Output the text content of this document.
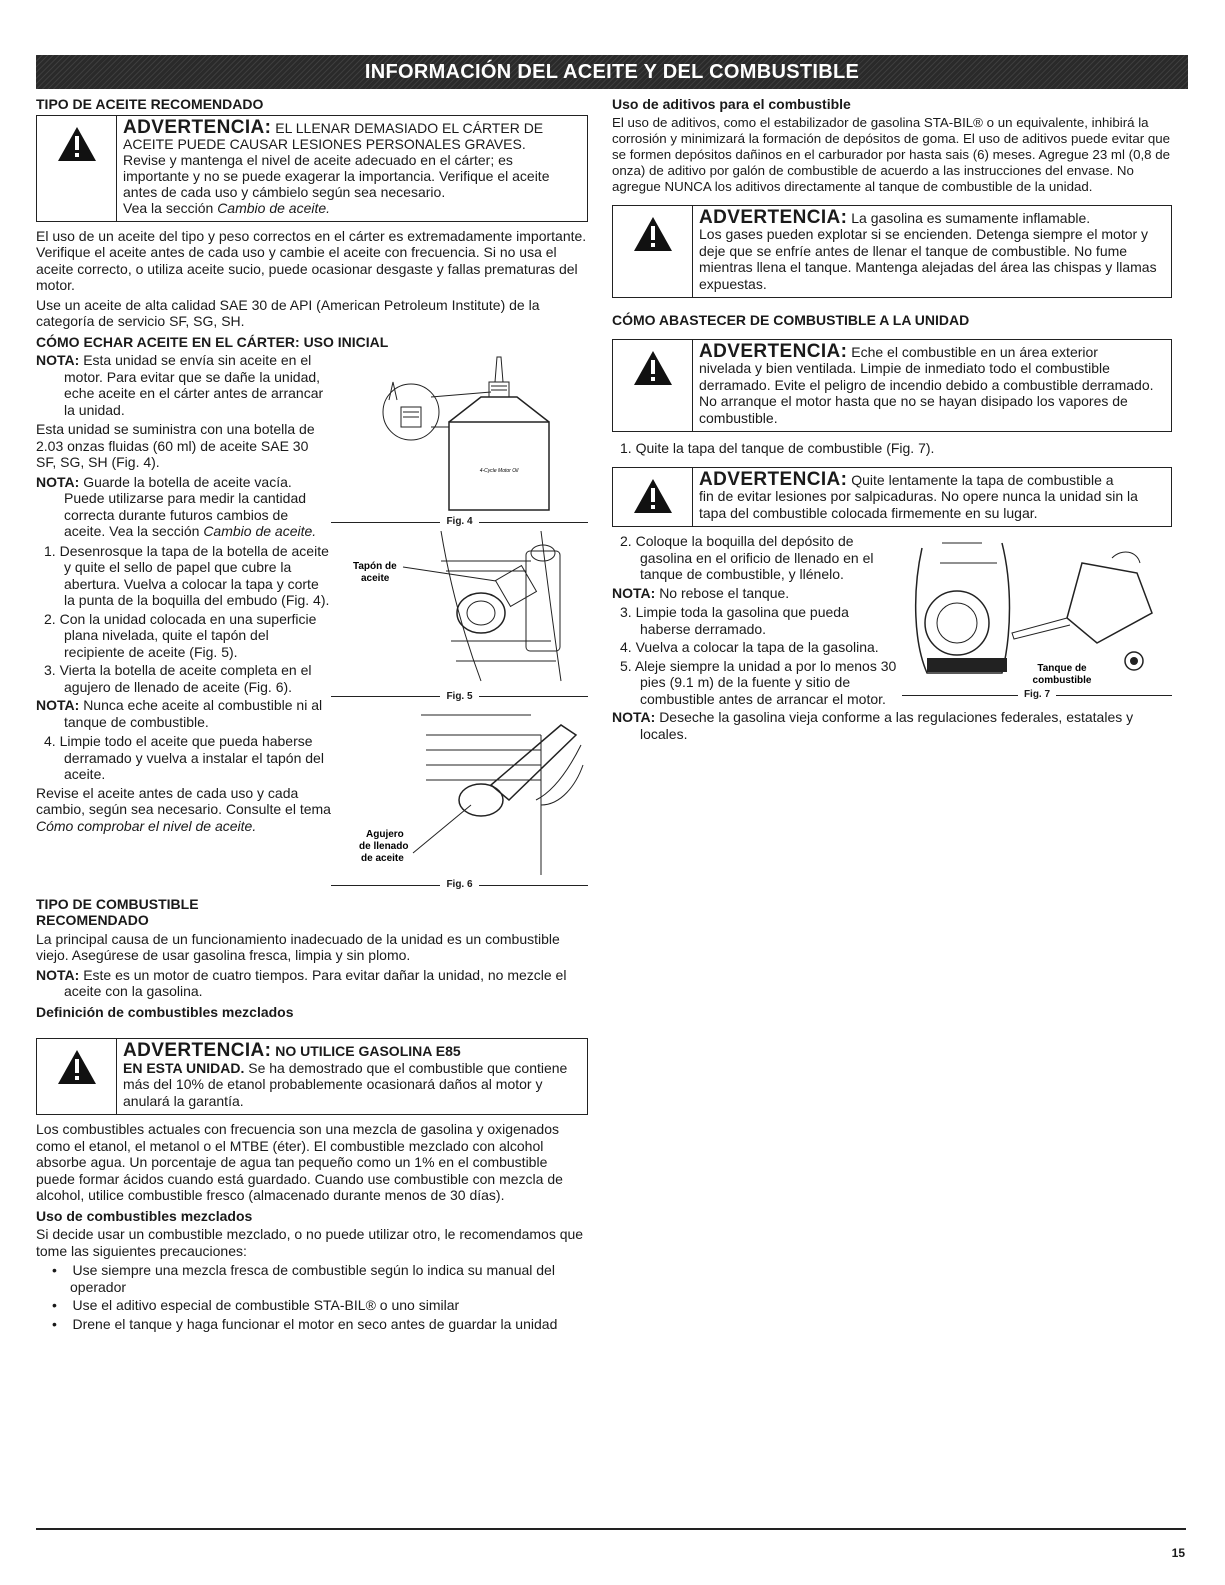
INFORMACIÓN DEL ACEITE Y DEL COMBUSTIBLE
TIPO DE ACEITE RECOMENDADO
ADVERTENCIA: EL LLENAR DEMASIADO EL CÁRTER DE ACEITE PUEDE CAUSAR LESIONES PERSONALES GRAVES.
Revise y mantenga el nivel de aceite adecuado en el cárter; es importante y no se puede exagerar la importancia. Verifique el aceite antes de cada uso y cámbielo según sea necesario.
Vea la sección Cambio de aceite.

El uso de un aceite del tipo y peso correctos en el cárter es extremadamente importante. Verifique el aceite antes de cada uso y cambie el aceite con frecuencia. Si no usa el aceite correcto, o utiliza aceite sucio, puede ocasionar desgaste y fallas prematuras del motor.

Use un aceite de alta calidad SAE 30 de API (American Petroleum Institute) de la categoría de servicio SF, SG, SH.

CÓMO ECHAR ACEITE EN EL CÁRTER: USO INICIAL

NOTA: Esta unidad se envía sin aceite en el motor. Para evitar que se dañe la unidad, eche aceite en el cárter antes de arrancar la unidad.

Esta unidad se suministra con una botella de 2.03 onzas fluidas (60 ml) de aceite SAE 30 SF, SG, SH (Fig. 4).

NOTA: Guarde la botella de aceite vacía. Puede utilizarse para medir la cantidad correcta durante futuros cambios de aceite. Vea la sección Cambio de aceite.

1. Desenrosque la tapa de la botella de aceite y quite el sello de papel que cubre la abertura. Vuelva a colocar la tapa y corte la punta de la boquilla del embudo (Fig. 4).
2. Con la unidad colocada en una superficie plana nivelada, quite el tapón del recipiente de aceite (Fig. 5).
3. Vierta la botella de aceite completa en el agujero de llenado de aceite (Fig. 6).

NOTA: Nunca eche aceite al combustible ni al tanque de combustible.

4. Limpie todo el aceite que pueda haberse derramado y vuelva a instalar el tapón del aceite.

Revise el aceite antes de cada uso y cada cambio, según sea necesario. Consulte el tema Cómo comprobar el nivel de aceite.

4-Cycle Motor Oil
Fig. 4
Tapón de
aceite
Fig. 5
Agujero
de llenado
de aceite
Fig. 6
TIPO DE COMBUSTIBLE RECOMENDADO

La principal causa de un funcionamiento inadecuado de la unidad es un combustible viejo. Asegúrese de usar gasolina fresca, limpia y sin plomo.

NOTA: Este es un motor de cuatro tiempos. Para evitar dañar la unidad, no mezcle el aceite con la gasolina.

Definición de combustibles mezclados
ADVERTENCIA: NO UTILICE GASOLINA E85
EN ESTA UNIDAD. Se ha demostrado que el combustible que contiene más del 10% de etanol probablemente ocasionará daños al motor y anulará la garantía.

Los combustibles actuales con frecuencia son una mezcla de gasolina y oxigenados como el etanol, el metanol o el MTBE (éter). El combustible mezclado con alcohol absorbe agua. Un porcentaje de agua tan pequeño como un 1% en el combustible puede formar ácidos cuando está guardado. Cuando use combustible con mezcla de alcohol, utilice combustible fresco (almacenado durante menos de 30 días).

Uso de combustibles mezclados

Si decide usar un combustible mezclado, o no puede utilizar otro, le recomendamos que tome las siguientes precauciones:

•    Use siempre una mezcla fresca de combustible según lo indica su manual del operador
•    Use el aditivo especial de combustible STA-BIL® o uno similar
•    Drene el tanque y haga funcionar el motor en seco antes de guardar la unidad
Uso de aditivos para el combustible

El uso de aditivos, como el estabilizador de gasolina STA-BIL® o un equivalente, inhibirá la corrosión y minimizará la formación de depósitos de goma. El uso de aditivos puede evitar que se formen depósitos dañinos en el carburador por hasta sais (6) meses. Agregue 23 ml (0,8 de onza) de aditivo por galón de combustible de acuerdo a las instrucciones del envase. No agregue NUNCA los aditivos directamente al tanque de combustible de la unidad.

ADVERTENCIA: La gasolina es sumamente inflamable.
Los gases pueden explotar si se encienden. Detenga siempre el motor y deje que se enfríe antes de llenar el tanque de combustible. No fume mientras llena el tanque. Mantenga alejadas del área las chispas y llamas expuestas.
CÓMO ABASTECER DE COMBUSTIBLE A LA UNIDAD
ADVERTENCIA: Eche el combustible en un área exterior
nivelada y bien ventilada. Limpie de inmediato todo el combustible derramado. Evite el peligro de incendio debido a combustible derramado. No arranque el motor hasta que no se hayan disipado los vapores de combustible.
1. Quite la tapa del tanque de combustible (Fig. 7).
ADVERTENCIA: Quite lentamente la tapa de combustible a
fin de evitar lesiones por salpicaduras. No opere nunca la unidad sin la tapa del combustible colocada firmemente en su lugar.
2. Coloque la boquilla del depósito de gasolina en el orificio de llenado en el tanque de combustible, y llénelo.

NOTA: No rebose el tanque.

3. Limpie toda la gasolina que pueda haberse derramado.
4. Vuelva a colocar la tapa de la gasolina.
5. Aleje siempre la unidad a por lo menos 30 pies (9.1 m) de la fuente y sitio de combustible antes de arrancar el motor.
Tanque de
combustible
Fig. 7

NOTA: Deseche la gasolina vieja conforme a las regulaciones federales, estatales y locales.

15
